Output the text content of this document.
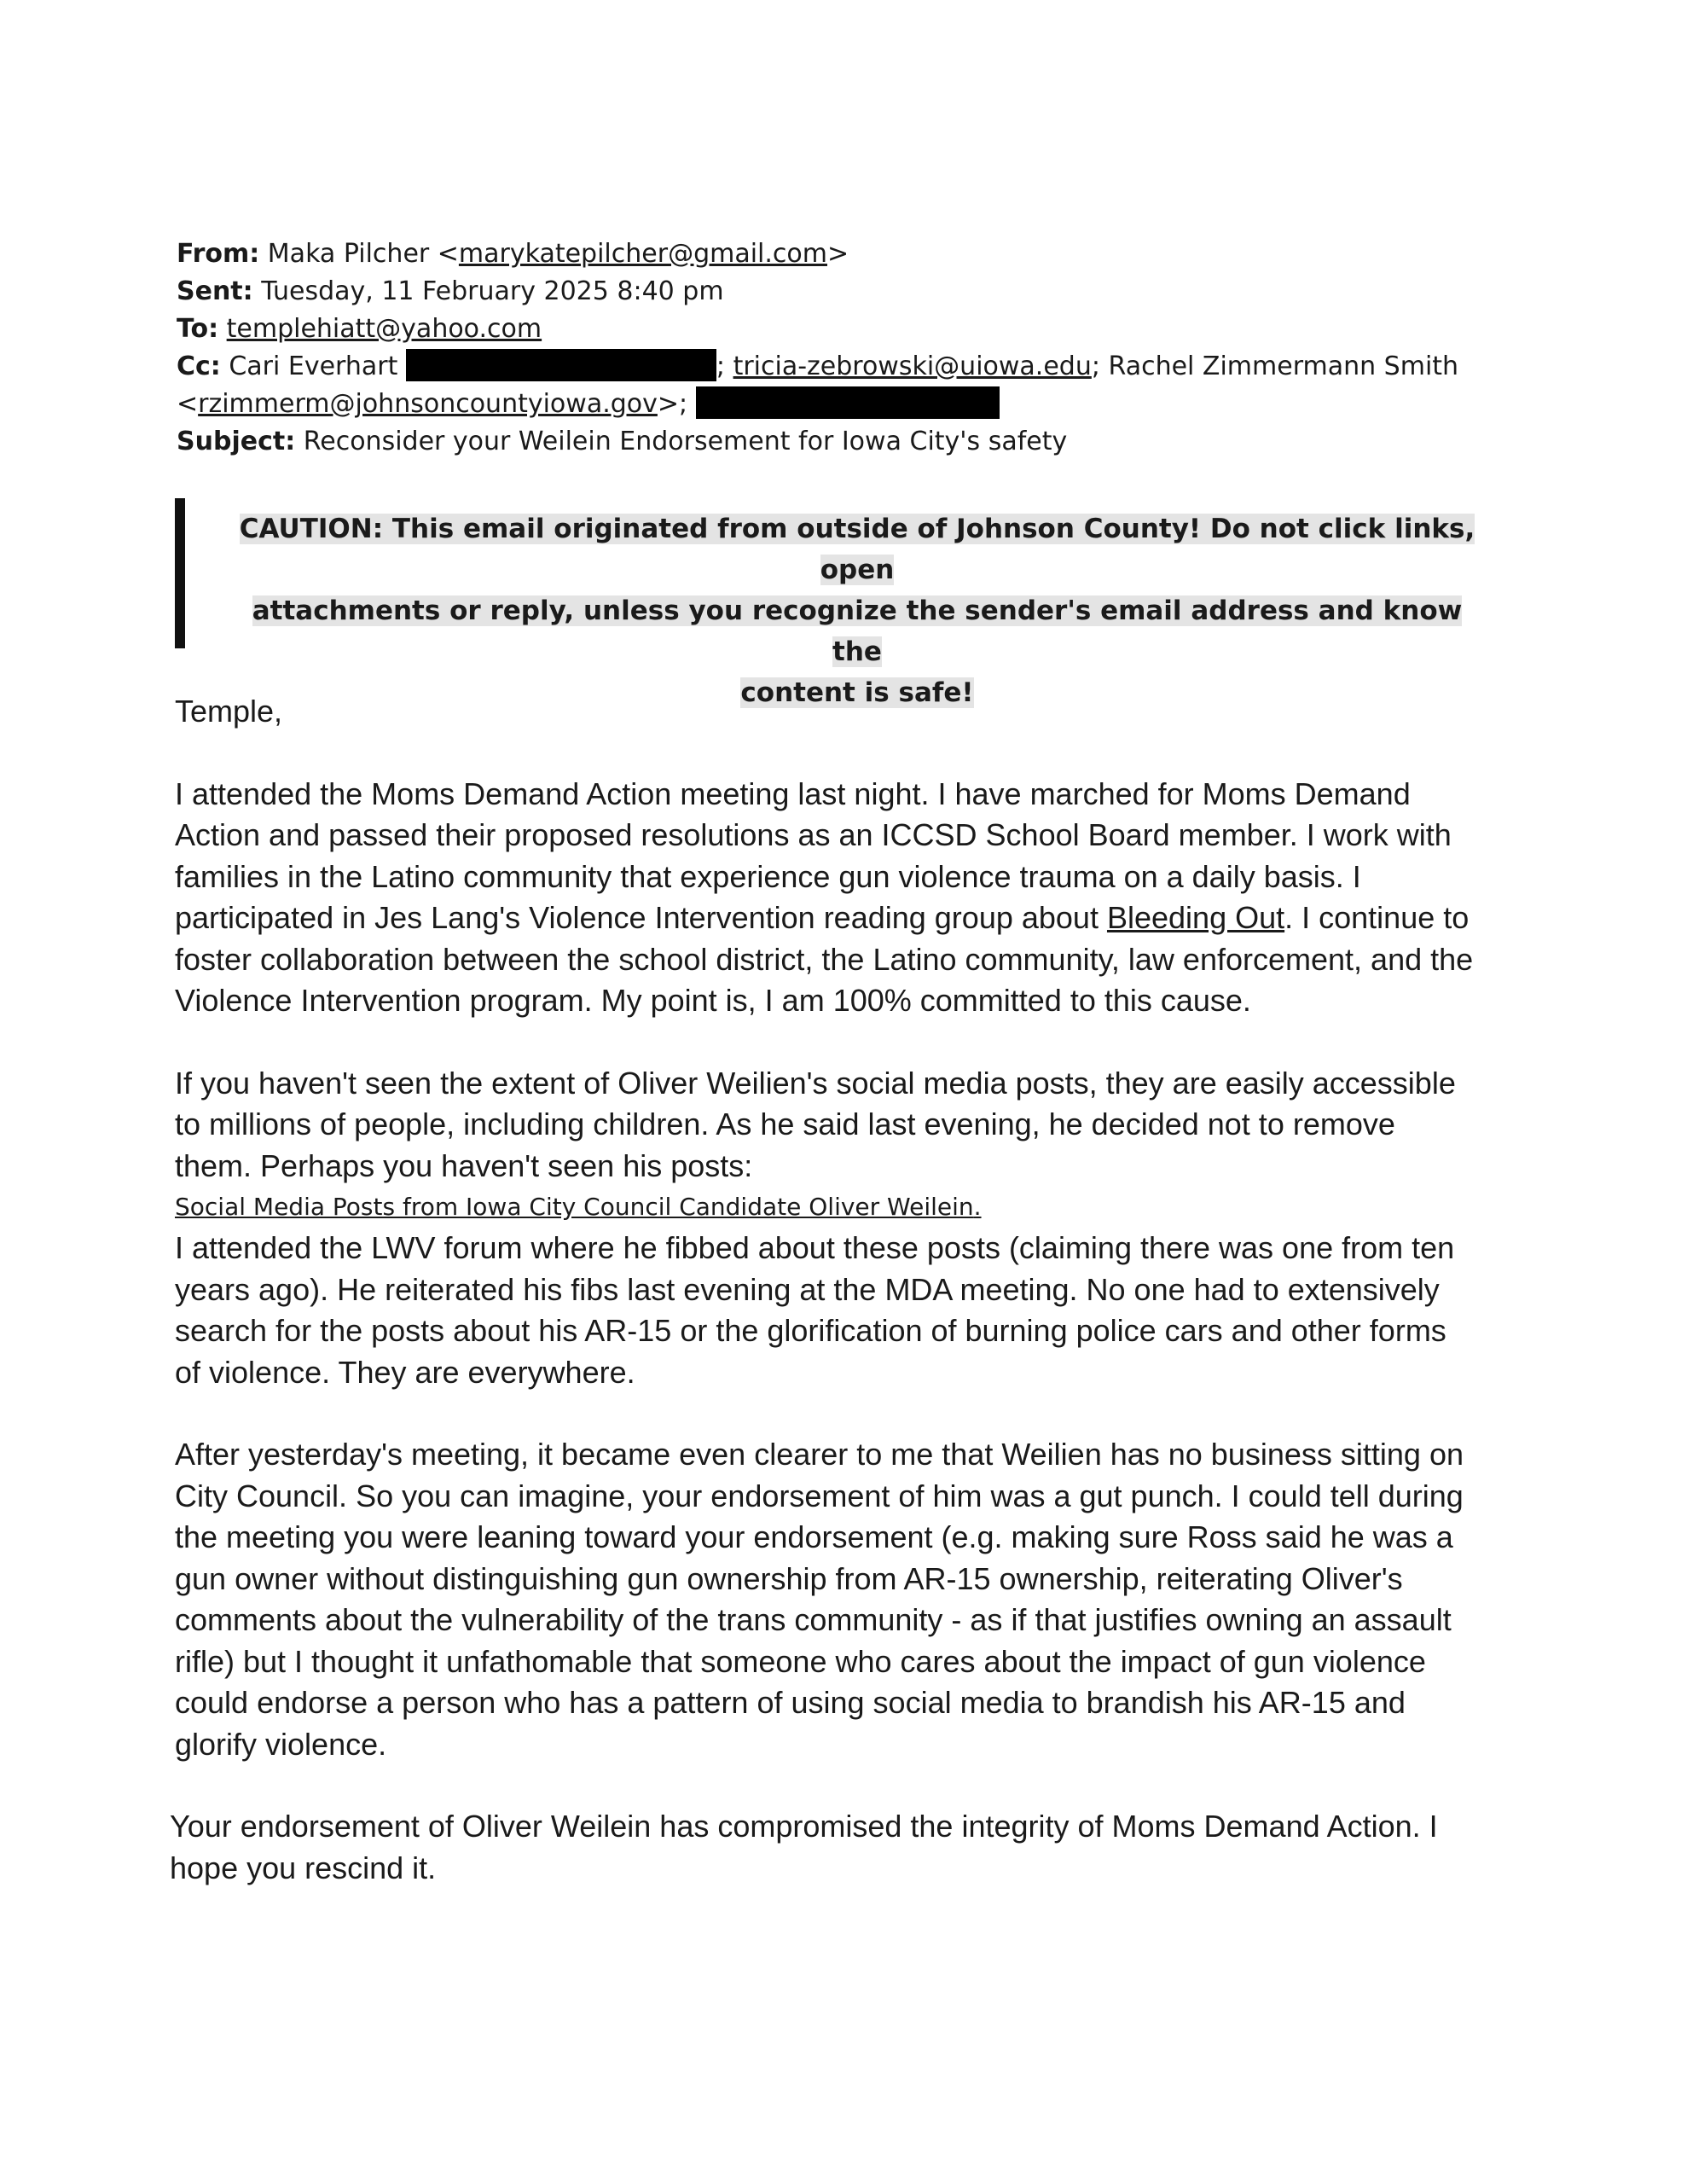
From: Maka Pilcher <marykatepilcher@gmail.com>
Sent: Tuesday, 11 February 2025 8:40 pm
To: templehiatt@yahoo.com
Cc: Cari Everhart	; tricia-zebrowski@uiowa.edu; Rachel Zimmermann Smith
<rzimmerm@johnsoncountyiowa.gov>;
Subject: Reconsider your Weilein Endorsement for Iowa City's safety
CAUTION: This email originated from outside of Johnson County! Do not click links, open
attachments or reply, unless you recognize the sender's email address and know the
content is safe!

Temple,

I attended the Moms Demand Action meeting last night. I have marched for Moms Demand Action and passed their proposed resolutions as an ICCSD School Board member. I work with families in the Latino community that experience gun violence trauma on a daily basis. I participated in Jes Lang's Violence Intervention reading group about Bleeding Out. I continue to foster collaboration between the school district, the Latino community, law enforcement, and the Violence Intervention program. My point is, I am 100% committed to this cause.

If you haven't seen the extent of Oliver Weilien's social media posts, they are easily accessible to millions of people, including children. As he said last evening, he decided not to remove them. Perhaps you haven't seen his posts:

Social Media Posts from Iowa City Council Candidate Oliver Weilein.

I attended the LWV forum where he fibbed about these posts (claiming there was one from ten years ago). He reiterated his fibs last evening at the MDA meeting. No one had to extensively search for the posts about his AR-15 or the glorification of burning police cars and other forms of violence. They are everywhere.

After yesterday's meeting, it became even clearer to me that Weilien has no business sitting on City Council. So you can imagine, your endorsement of him was a gut punch. I could tell during the meeting you were leaning toward your endorsement (e.g. making sure Ross said he was a gun owner without distinguishing gun ownership from AR-15 ownership, reiterating Oliver's comments about the vulnerability of the trans community - as if that justifies owning an assault rifle) but I thought it unfathomable that someone who cares about the impact of gun violence could endorse a person who has a pattern of using social media to brandish his AR-15 and glorify violence.

Your endorsement of Oliver Weilein has compromised the integrity of Moms Demand Action. I hope you rescind it.
